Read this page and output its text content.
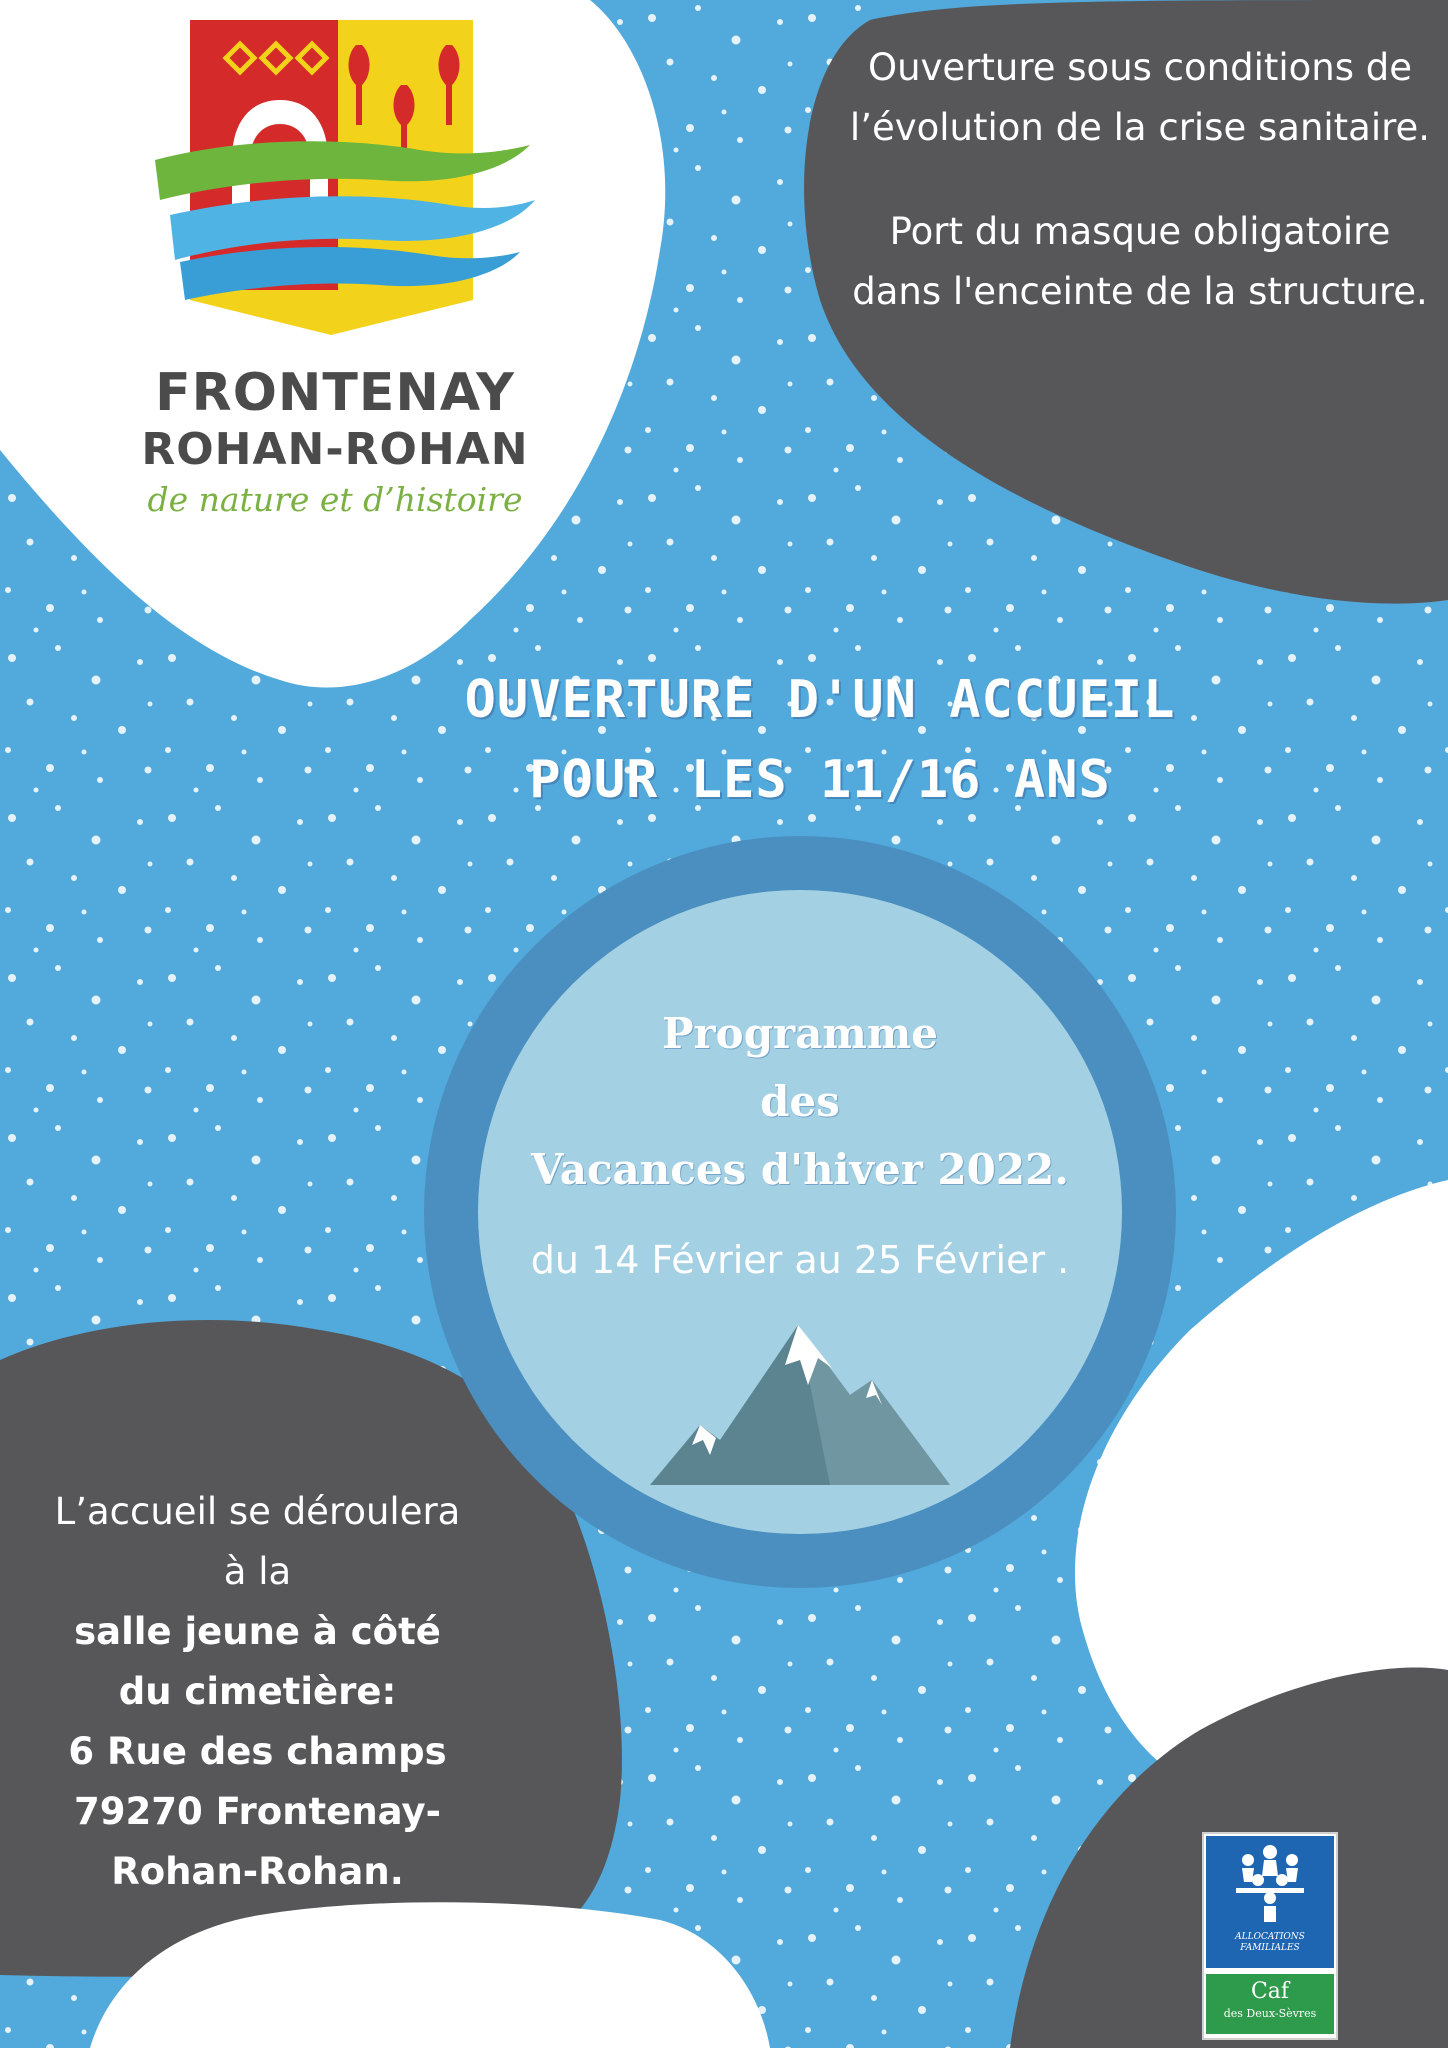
Ouverture sous conditions de l’évolution de la crise sanitaire.

Port du masque obligatoire dans l'enceinte de la structure.

FRONTENAY
ROHAN-ROHAN
de nature et d’histoire
OUVERTURE D'UN ACCUEIL
POUR LES 11/16 ANS
Programme
des
Vacances d'hiver 2022.
du 14 Février au 25 Février .
L’accueil se déroulera
à la
salle jeune à côté
du cimetière:
6 Rue des champs
79270 Frontenay-
Rohan-Rohan.
ALLOCATIONS FAMILIALES
Caf
des Deux-Sèvres
